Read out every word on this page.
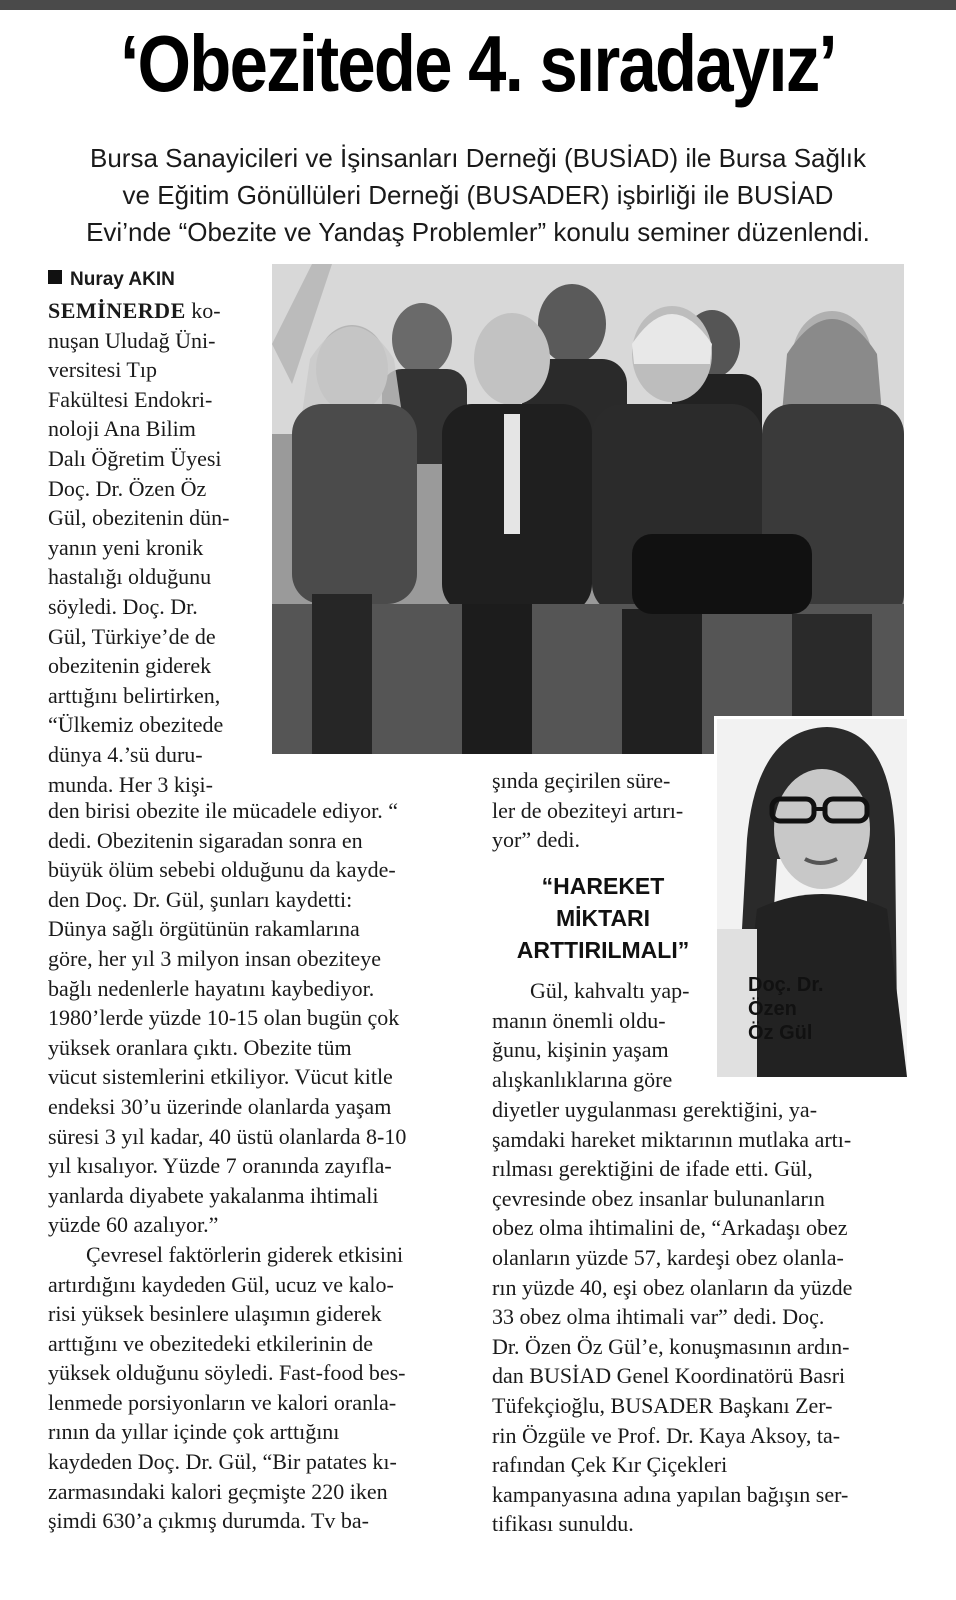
‘Obezitede 4. sıradayız’
Bursa Sanayicileri ve İşinsanları Derneği (BUSİAD) ile Bursa Sağlık
ve Eğitim Gönüllüleri Derneği (BUSADER) işbirliği ile BUSİAD
Evi’nde “Obezite ve Yandaş Problemler” konulu seminer düzenlendi.
Nuray AKIN
SEMİNERDE ko-
nuşan Uludağ Üni-
versitesi Tıp
Fakültesi Endokri-
noloji Ana Bilim
Dalı Öğretim Üyesi
Doç. Dr. Özen Öz
Gül, obezitenin dün-
yanın yeni kronik
hastalığı olduğunu
söyledi. Doç. Dr.
Gül, Türkiye’de de
obezitenin giderek
arttığını belirtirken,
“Ülkemiz obezitede
dünya 4.’sü duru-
munda. Her 3 kişi-
den birisi obezite ile mücadele ediyor. “
dedi. Obezitenin sigaradan sonra en
büyük ölüm sebebi olduğunu da kayde-
den Doç. Dr. Gül, şunları kaydetti:
Dünya sağlı örgütünün rakamlarına
göre, her yıl 3 milyon insan obeziteye
bağlı nedenlerle hayatını kaybediyor.
1980’lerde yüzde 10-15 olan bugün çok
yüksek oranlara çıktı. Obezite tüm
vücut sistemlerini etkiliyor. Vücut kitle
endeksi 30’u üzerinde olanlarda yaşam
süresi 3 yıl kadar, 40 üstü olanlarda 8-10
yıl kısalıyor. Yüzde 7 oranında zayıfla-
yanlarda diyabete yakalanma ihtimali
yüzde 60 azalıyor.”
Çevresel faktörlerin giderek etkisini
artırdığını kaydeden Gül, ucuz ve kalo-
risi yüksek besinlere ulaşımın giderek
arttığını ve obezitedeki etkilerinin de
yüksek olduğunu söyledi. Fast-food bes-
lenmede porsiyonların ve kalori oranla-
rının da yıllar içinde çok arttığını
kaydeden Doç. Dr. Gül, “Bir patates kı-
zarmasındaki kalori geçmişte 220 iken
şimdi 630’a çıkmış durumda. Tv ba-
şında geçirilen süre-
ler de obeziteyi artırı-
yor” dedi.
“HAREKET
MİKTARI
ARTTIRILMALI”
Gül, kahvaltı yap-
manın önemli oldu-
ğunu, kişinin yaşam
alışkanlıklarına göre
diyetler uygulanması gerektiğini, ya-
şamdaki hareket miktarının mutlaka artı-
rılması gerektiğini de ifade etti. Gül,
çevresinde obez insanlar bulunanların
obez olma ihtimalini de, “Arkadaşı obez
olanların yüzde 57, kardeşi obez olanla-
rın yüzde 40, eşi obez olanların da yüzde
33 obez olma ihtimali var” dedi. Doç.
Dr. Özen Öz Gül’e, konuşmasının ardın-
dan BUSİAD Genel Koordinatörü Basri
Tüfekçioğlu, BUSADER Başkanı Zer-
rin Özgüle ve Prof. Dr. Kaya Aksoy, ta-
rafından Çek Kır Çiçekleri
kampanyasına adına yapılan bağışın ser-
tifikası sunuldu.
Doç. Dr.
Özen
Öz Gül
